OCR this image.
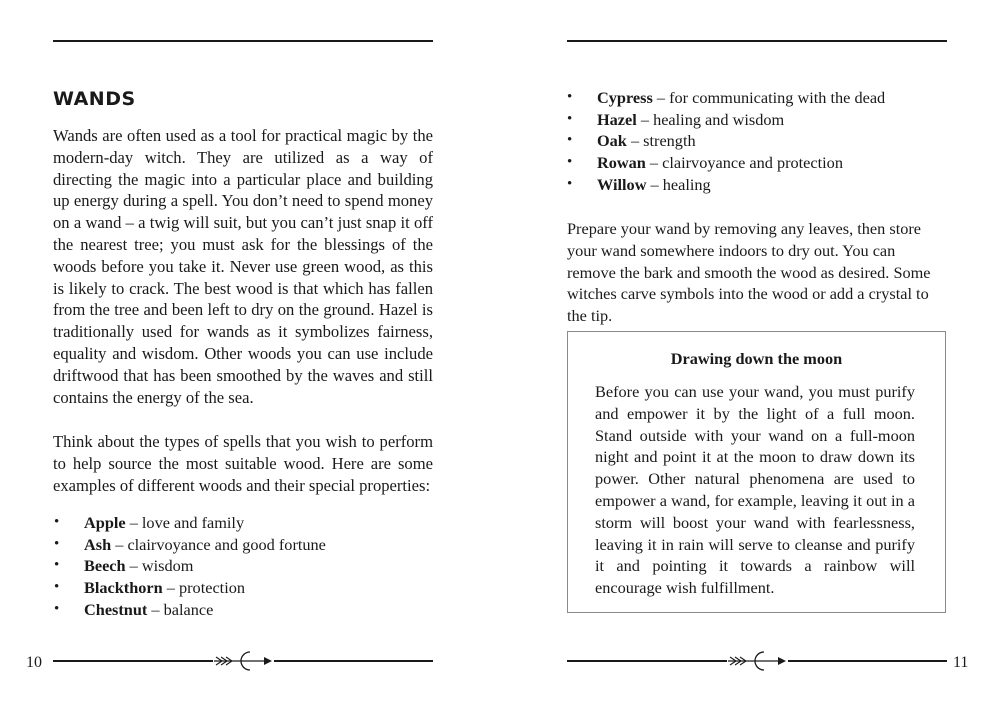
WANDS

Wands are often used as a tool for practical magic by the modern-day witch. They are utilized as a way of directing the magic into a particular place and building up energy during a spell. You don’t need to spend money on a wand – a twig will suit, but you can’t just snap it off the nearest tree; you must ask for the blessings of the woods before you take it. Never use green wood, as this is likely to crack. The best wood is that which has fallen from the tree and been left to dry on the ground. Hazel is traditionally used for wands as it symbolizes fairness, equality and wisdom. Other woods you can use include driftwood that has been smoothed by the waves and still contains the energy of the sea.

Think about the types of spells that you wish to perform to help source the most suitable wood. Here are some examples of different woods and their special properties:

• Apple – love and family
• Ash – clairvoyance and good fortune
• Beech – wisdom
• Blackthorn – protection
• Chestnut – balance
10
• Cypress – for communicating with the dead
• Hazel – healing and wisdom
• Oak – strength
• Rowan – clairvoyance and protection
• Willow – healing

Prepare your wand by removing any leaves, then store your wand somewhere indoors to dry out. You can remove the bark and smooth the wood as desired. Some witches carve symbols into the wood or add a crystal to the tip.

Drawing down the moon

Before you can use your wand, you must purify and empower it by the light of a full moon. Stand outside with your wand on a full-moon night and point it at the moon to draw down its power. Other natural phenomena are used to empower a wand, for example, leaving it out in a storm will boost your wand with fearlessness, leaving it in rain will serve to cleanse and purify it and pointing it towards a rainbow will encourage wish fulfillment.

11
